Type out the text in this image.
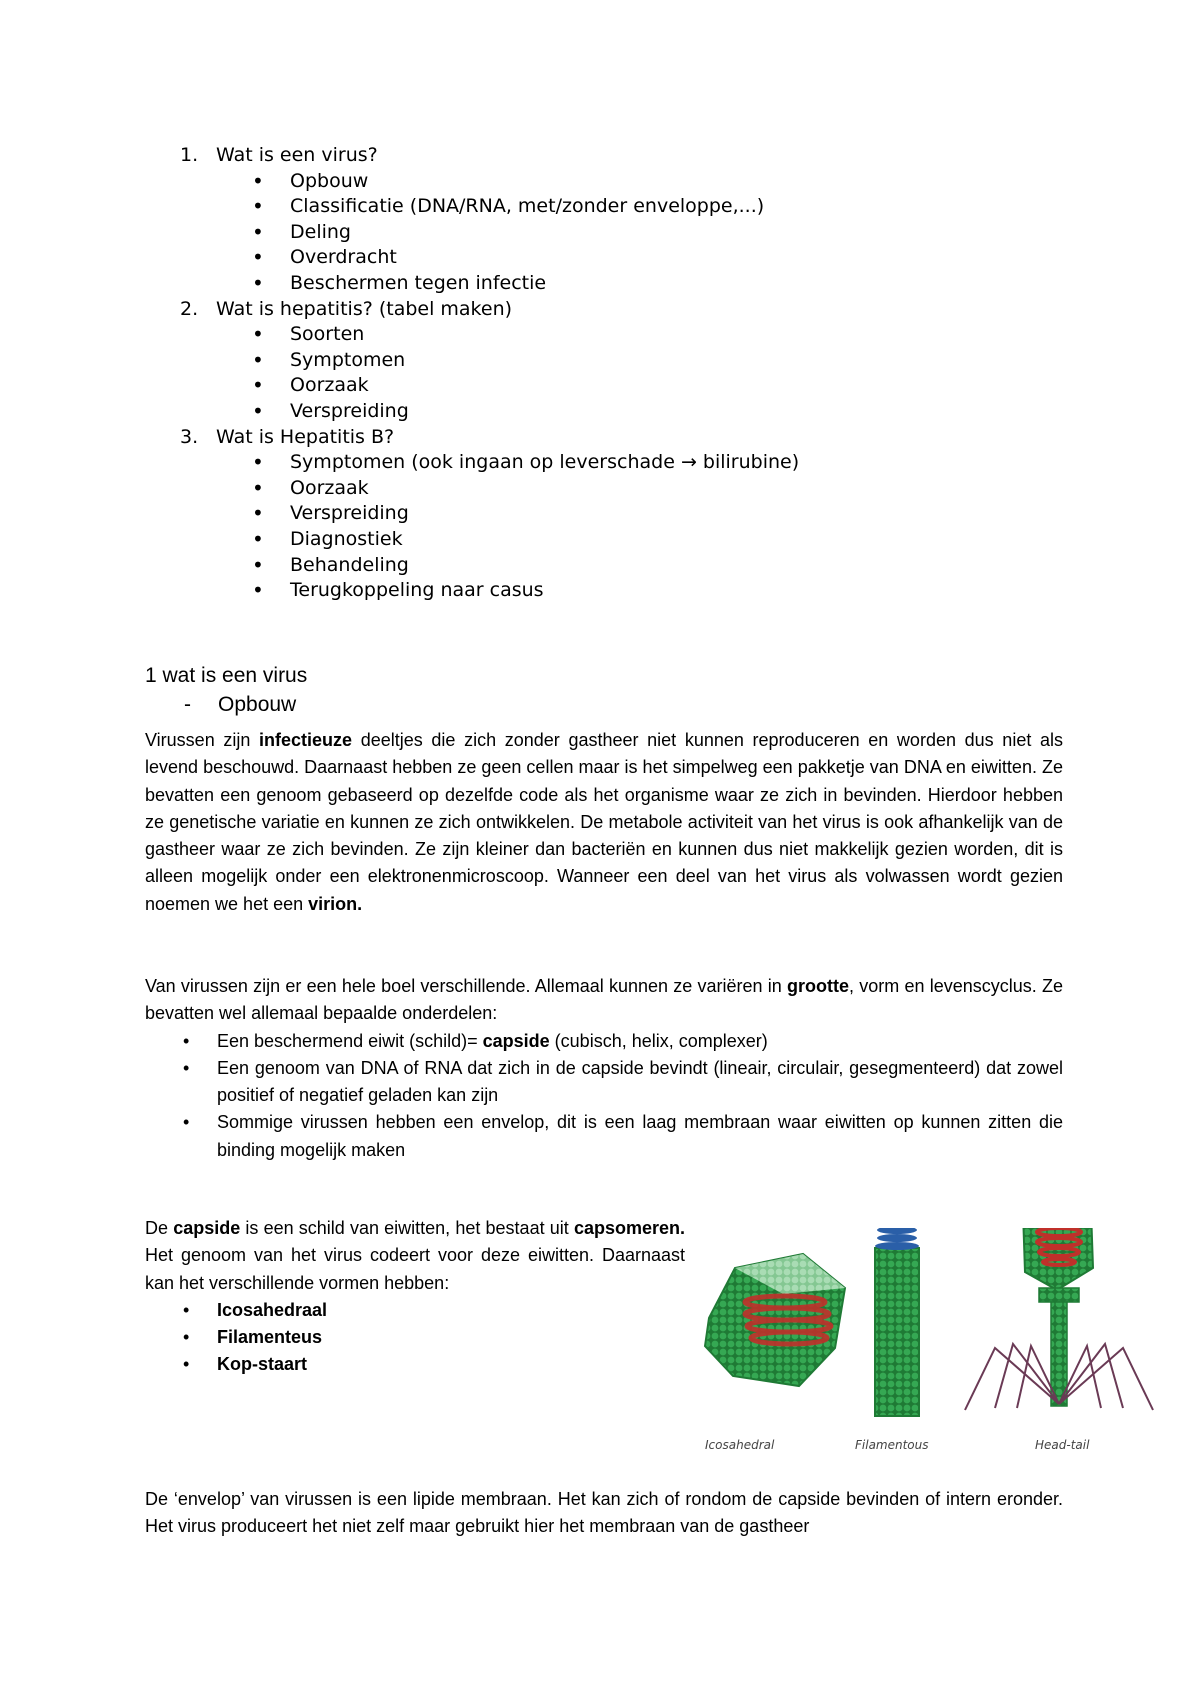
1. Wat is een virus?
• Opbouw
• Classificatie (DNA/RNA, met/zonder enveloppe,...)
• Deling
• Overdracht
• Beschermen tegen infectie
2. Wat is hepatitis? (tabel maken)
• Soorten
• Symptomen
• Oorzaak
• Verspreiding
3. Wat is Hepatitis B?
• Symptomen (ook ingaan op leverschade → bilirubine)
• Oorzaak
• Verspreiding
• Diagnostiek
• Behandeling
• Terugkoppeling naar casus
1 wat is een virus
- Opbouw
Virussen zijn infectieuze deeltjes die zich zonder gastheer niet kunnen reproduceren en worden dus niet als levend beschouwd. Daarnaast hebben ze geen cellen maar is het simpelweg een pakketje van DNA en eiwitten. Ze bevatten een genoom gebaseerd op dezelfde code als het organisme waar ze zich in bevinden. Hierdoor hebben ze genetische variatie en kunnen ze zich ontwikkelen. De metabole activiteit van het virus is ook afhankelijk van de gastheer waar ze zich bevinden. Ze zijn kleiner dan bacteriën en kunnen dus niet makkelijk gezien worden, dit is alleen mogelijk onder een elektronenmicroscoop. Wanneer een deel van het virus als volwassen wordt gezien noemen we het een virion.
Van virussen zijn er een hele boel verschillende. Allemaal kunnen ze variëren in grootte, vorm en levenscyclus. Ze bevatten wel allemaal bepaalde onderdelen:
• Een beschermend eiwit (schild)= capside (cubisch, helix, complexer)
• Een genoom van DNA of RNA dat zich in de capside bevindt (lineair, circulair, gesegmenteerd) dat zowel positief of negatief geladen kan zijn
• Sommige virussen hebben een envelop, dit is een laag membraan waar eiwitten op kunnen zitten die binding mogelijk maken
De capside is een schild van eiwitten, het bestaat uit capsomeren. Het genoom van het virus codeert voor deze eiwitten. Daarnaast kan het verschillende vormen hebben:
• Icosahedraal
• Filamenteus
• Kop-staart
Icosahedral	Filamentous	Head-tail
De ‘envelop’ van virussen is een lipide membraan. Het kan zich of rondom de capside bevinden of intern eronder. Het virus produceert het niet zelf maar gebruikt hier het membraan van de gastheer
